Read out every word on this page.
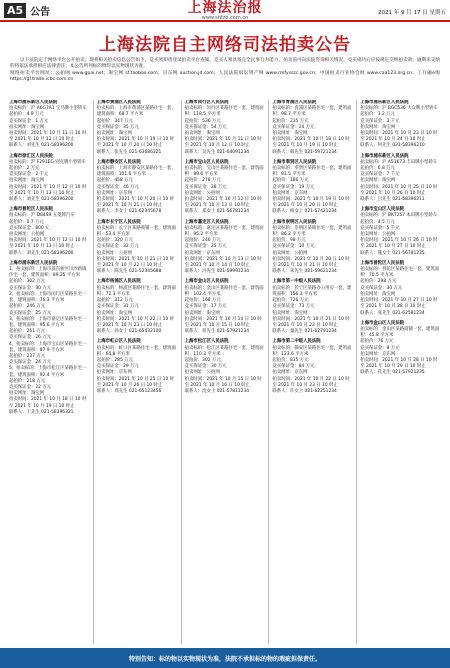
A5 公告	上海法治报
www.shfzb.com.cn
2021 年 9 月 17 日 星期五
上海法院自主网络司法拍卖公告

以下法院定于网络平台公开拍卖，现将相关拍卖信息公告如下，竞买须知请登录拍卖平台查阅，竞买人须具备完全民事行为能力，拍卖前可向法院咨询相关情况。竞买成功后应按规定交纳拍卖款，逾期未交纳的将依法承担相应法律责任；本公告所列标的物均以实物现状为准。

网络拍卖平台网址：公拍网 www.gpai.net；淘宝网 sf.taobao.com；京东网 auction.jd.com；人民法院诉讼资产网 www.rmfysszc.gov.cn；中国拍卖行业协会网 www.caa123.org.cn；工行融e购 https://gf.trade.icbc.com.cn

上海市浦东新区人民法院
拍卖标的：沪 A6G7A1 宝马牌小型轿车
起拍价：4.9 万元
竞买保证金：1 万元
拍卖网址：淘宝网
拍卖时间：2021 年 10 月 11 日 10 时至 2021 年 10 月 12 日 10 时止
联系人：刘先生 021-58396200
上海市徐汇区人民法院
拍卖标的：沪 F291EG 别克牌小型轿车
起拍价：2 万元
竞买保证金：2 千元
拍卖网址：淘宝网
拍卖时间：2021 年 10 月 12 日 10 时至 2021 年 10 月 13 日 10 时止
联系人：刘先生 021-58396200
上海市普陀区人民法院
拍卖标的：沪 D84S9 五菱牌汽车
起拍价：0.7 万元
竞买保证金：800 元
拍卖网址：公拍网
拍卖时间：2021 年 10 月 12 日 10 时至 2021 年 10 月 13 日 10 时止
联系人：刘先生 021-58396200
上海市浦东新区人民法院
1、拍卖标的：上海市浦东新区川沙新镇住宅一套，建筑面积：89.25 平方米
起拍价：302 万元
竞买保证金：30 万元
2、拍卖标的：上海市闵行区某路住宅一套，建筑面积：76.3 平方米
起拍价：246 万元
竞买保证金：25 万元
3、拍卖标的：上海市嘉定区某路住宅一套，建筑面积：95.6 平方米
起拍价：261 万元
竞买保证金：26 万元
4、拍卖标的：上海市宝山区某路住宅一套，建筑面积：87.9 平方米
起拍价：237 万元
竞买保证金：24 万元
5、拍卖标的：上海市松江区某路住宅一套，建筑面积：92.4 平方米
起拍价：218 万元
竞买保证金：22 万元
拍卖网址：淘宝网
拍卖时间：2021 年 10 月 18 日 10 时至 2021 年 10 月 19 日 10 时止
联系人：王先生 021-58396321
上海市黄浦区人民法院
拍卖标的：上海市黄浦区某路住宅一套，建筑面积：68.7 平方米
起拍价：347 万元
竞买保证金：35 万元
拍卖网址：淘宝网
拍卖时间：2021 年 10 月 19 日 10 时至 2021 年 10 月 20 日 10 时止
联系人：张先生 021-63686321
上海市静安区人民法院
拍卖标的：上海市静安区某路住宅一套，建筑面积：101.6 平方米
起拍价：458 万元
竞买保证金：46 万元
拍卖网址：京东网
拍卖时间：2021 年 10 月 20 日 10 时至 2021 年 10 月 21 日 10 时止
联系人：李女士 021-62345678
上海市长宁区人民法院
拍卖标的：长宁区某路商铺一套，建筑面积：53.4 平方米
起拍价：320 万元
竞买保证金：32 万元
拍卖网址：公拍网
拍卖时间：2021 年 10 月 21 日 10 时至 2021 年 10 月 22 日 10 时止
联系人：陈先生 021-52345688
上海市杨浦区人民法院
拍卖标的：杨浦区某路住宅一套，建筑面积：72.3 平方米
起拍价：312 万元
竞买保证金：31 万元
拍卖网址：淘宝网
拍卖时间：2021 年 10 月 22 日 10 时至 2021 年 10 月 23 日 10 时止
联系人：孙女士 021-65432100
上海市虹口区人民法院
拍卖标的：虹口区某路住宅一套，建筑面积：64.8 平方米
起拍价：285 万元
竞买保证金：29 万元
拍卖网址：京东网
拍卖时间：2021 年 10 月 25 日 10 时至 2021 年 10 月 26 日 10 时止
联系人：周先生 021-65123456
上海市闵行区人民法院
拍卖标的：闵行区某路住宅一套，建筑面积：118.5 平方米
起拍价：536 万元
竞买保证金：54 万元
拍卖网址：淘宝网
拍卖时间：2021 年 10 月 11 日 10 时至 2021 年 10 月 12 日 10 时止
联系人：吴先生 021-64091234
上海市宝山区人民法院
拍卖标的：宝山区某路住宅一套，建筑面积：89.6 平方米
起拍价：278 万元
竞买保证金：28 万元
拍卖网址：公拍网
拍卖时间：2021 年 10 月 12 日 10 时至 2021 年 10 月 13 日 10 时止
联系人：郑女士 021-56781234
上海市嘉定区人民法院
拍卖标的：嘉定区某路住宅一套，建筑面积：95.2 平方米
起拍价：246 万元
竞买保证金：25 万元
拍卖网址：京东网
拍卖时间：2021 年 10 月 13 日 10 时至 2021 年 10 月 14 日 10 时止
联系人：冯先生 021-59991234
上海市金山区人民法院
拍卖标的：金山区某路住宅一套，建筑面积：102.4 平方米
起拍价：168 万元
竞买保证金：17 万元
拍卖网址：淘宝网
拍卖时间：2021 年 10 月 14 日 10 时至 2021 年 10 月 15 日 10 时止
联系人：蒋先生 021-57921234
上海市松江区人民法院
拍卖标的：松江区某路住宅一套，建筑面积：110.3 平方米
起拍价：302 万元
竞买保证金：30 万元
拍卖网址：公拍网
拍卖时间：2021 年 10 月 15 日 10 时至 2021 年 10 月 16 日 10 时止
联系人：沈女士 021-57811234
上海市青浦区人民法院
拍卖标的：青浦区某路住宅一套，建筑面积：98.7 平方米
起拍价：235 万元
竞买保证金：24 万元
拍卖网址：淘宝网
拍卖时间：2021 年 10 月 18 日 10 时至 2021 年 10 月 19 日 10 时止
联系人：韩先生 021-59721234
上海市奉贤区人民法院
拍卖标的：奉贤区某路住宅一套，建筑面积：91.5 平方米
起拍价：186 万元
竞买保证金：19 万元
拍卖网址：京东网
拍卖时间：2021 年 10 月 19 日 10 时至 2021 年 10 月 20 日 10 时止
联系人：杨女士 021-57421234
上海市崇明区人民法院
拍卖标的：崇明区某镇住宅一套，建筑面积：86.2 平方米
起拍价：98 万元
竞买保证金：10 万元
拍卖网址：公拍网
拍卖时间：2021 年 10 月 20 日 10 时至 2021 年 10 月 21 日 10 时止
联系人：朱先生 021-59621234
上海市第一中级人民法院
拍卖标的：长宁区某路办公用房一套，建筑面积：156.3 平方米
起拍价：726 万元
竞买保证金：73 万元
拍卖网址：淘宝网
拍卖时间：2021 年 10 月 21 日 10 时至 2021 年 10 月 22 日 10 时止
联系人：秦先生 021-62791234
上海市第二中级人民法院
拍卖标的：静安区某路住宅一套，建筑面积：123.6 平方米
起拍价：835 万元
竞买保证金：84 万元
拍卖网址：京东网
拍卖时间：2021 年 10 月 22 日 10 时至 2021 年 10 月 23 日 10 时止
联系人：许女士 021-62251234
上海市浦东新区人民法院
拍卖标的：沪 BGC536 大众牌小型轿车
起拍价：3.2 万元
竞买保证金：3 千元
拍卖网址：淘宝网
拍卖时间：2021 年 10 月 23 日 10 时至 2021 年 10 月 24 日 10 时止
联系人：何先生 021-58396210
上海市浦东新区人民法院
拍卖标的：沪 A51K73 丰田牌小型轿车
起拍价：6.8 万元
竞买保证金：7 千元
拍卖网址：淘宝网
拍卖时间：2021 年 10 月 25 日 10 时至 2021 年 10 月 26 日 10 时止
联系人：吕先生 021-58396211
上海市宝山区人民法院
拍卖标的：沪 BK7257 本田牌小型轿车
起拍价：4.5 万元
竞买保证金：5 千元
拍卖网址：公拍网
拍卖时间：2021 年 10 月 26 日 10 时至 2021 年 10 月 27 日 10 时止
联系人：施女士 021-56781235
上海市普陀区人民法院
拍卖标的：普陀区某路住宅一套，建筑面积：70.5 平方米
起拍价：298 万元
竞买保证金：30 万元
拍卖网址：淘宝网
拍卖时间：2021 年 10 月 27 日 10 时至 2021 年 10 月 28 日 10 时止
联系人：张先生 021-62581234
上海市金山区人民法院
拍卖标的：金山区某路商铺一套，建筑面积：45.8 平方米
起拍价：76 万元
竞买保证金：8 万元
拍卖网址：京东网
拍卖时间：2021 年 10 月 28 日 10 时至 2021 年 10 月 29 日 10 时止
联系人：孔先生 021-57921235
特别告知：标的物以实物现状为准，法院不承担标的物的瑕疵担保责任。
